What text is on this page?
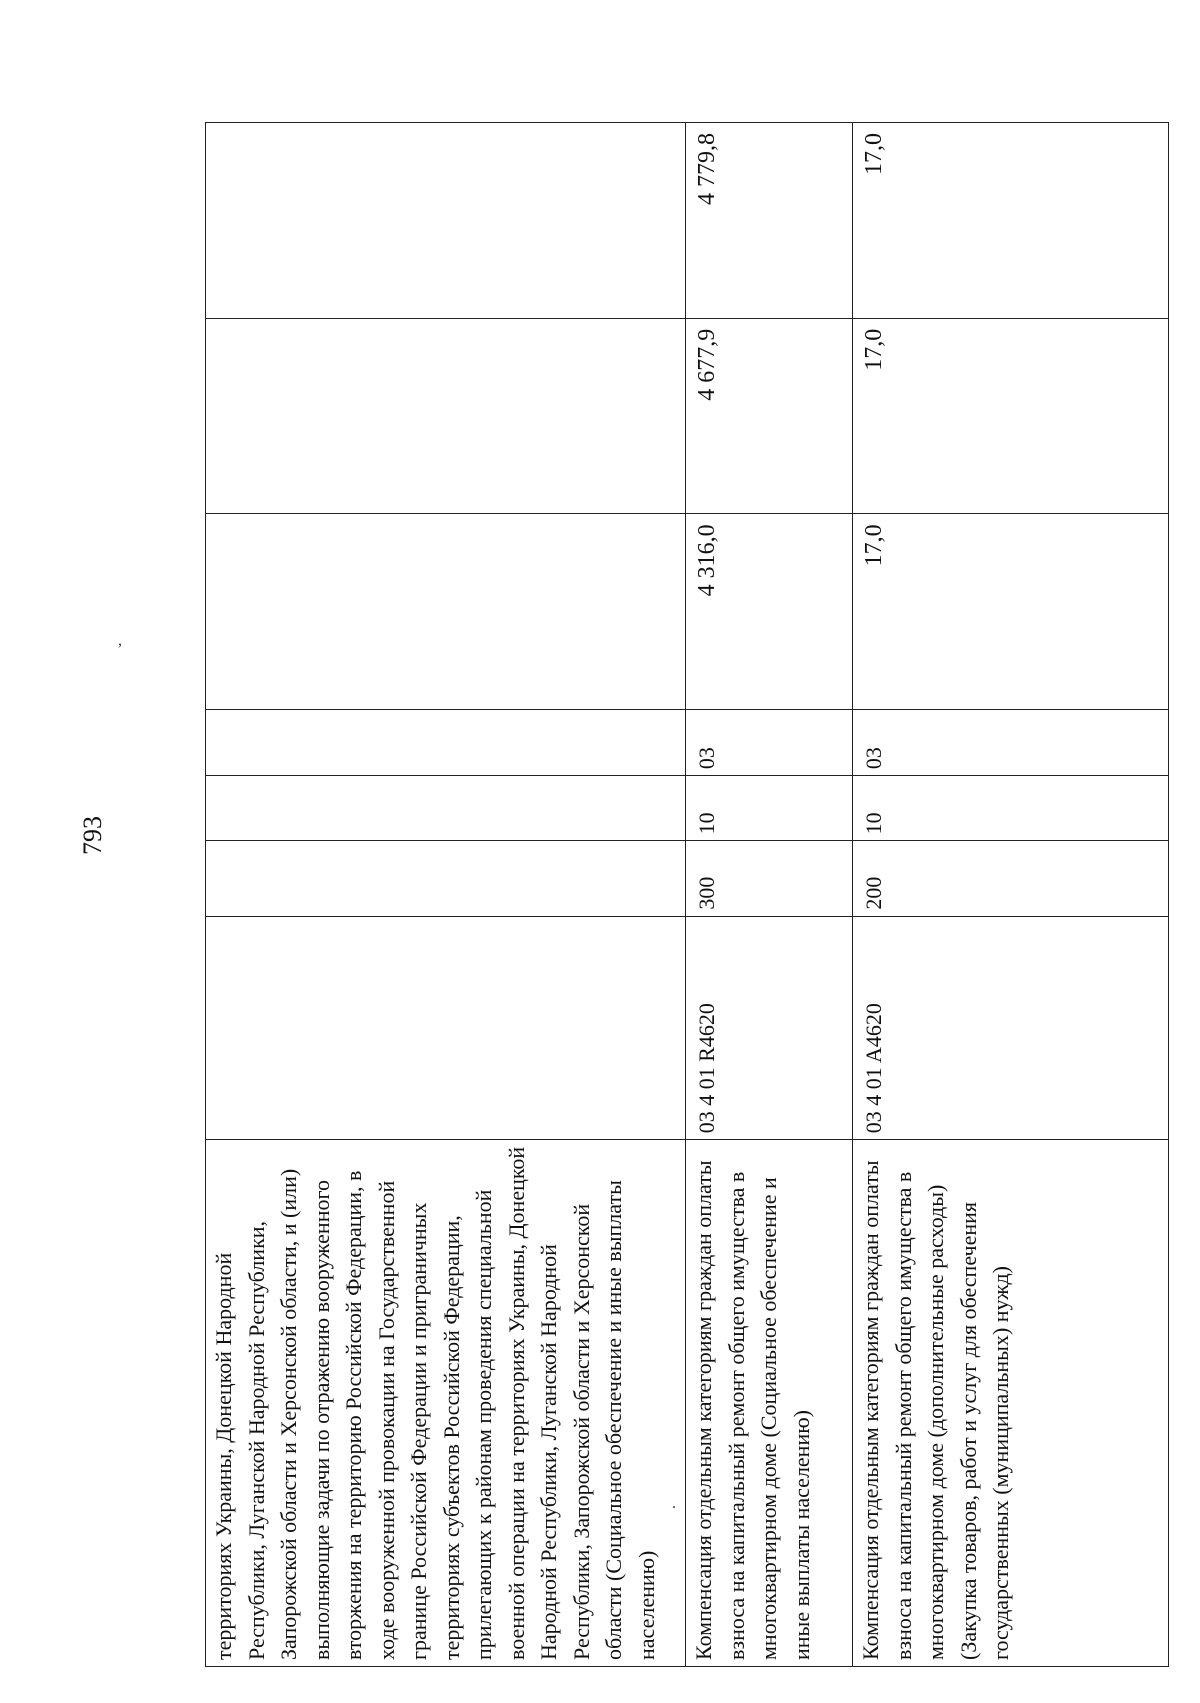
793
,
.
территориях Украины, Донецкой Народной Республики, Луганской Народной Республики, Запорожской области и Херсонской области, и (или) выполняющие задачи по отражению вооруженного вторжения на территорию Российской Федерации, в ходе вооруженной провокации на Государственной границе Российской Федерации и приграничных территориях субъектов Российской Федерации, прилегающих к районам проведения специальной военной операции на территориях Украины, Донецкой Народной Республики, Луганской Народной Республики, Запорожской области и Херсонской области (Социальное обеспечение и иные выплаты населению)							
Компенсация отдельным категориям граждан оплаты взноса на капитальный ремонт общего имущества в многоквартирном доме (Социальное обеспечение и иные выплаты населению)	03 4 01 R4620	300	10	03	4 316,0	4 677,9	4 779,8
Компенсация отдельным категориям граждан оплаты взноса на капитальный ремонт общего имущества в многоквартирном доме (дополнительные расходы) (Закупка товаров, работ и услуг для обеспечения государственных (муниципальных) нужд)	03 4 01 A4620	200	10	03	17,0	17,0	17,0
